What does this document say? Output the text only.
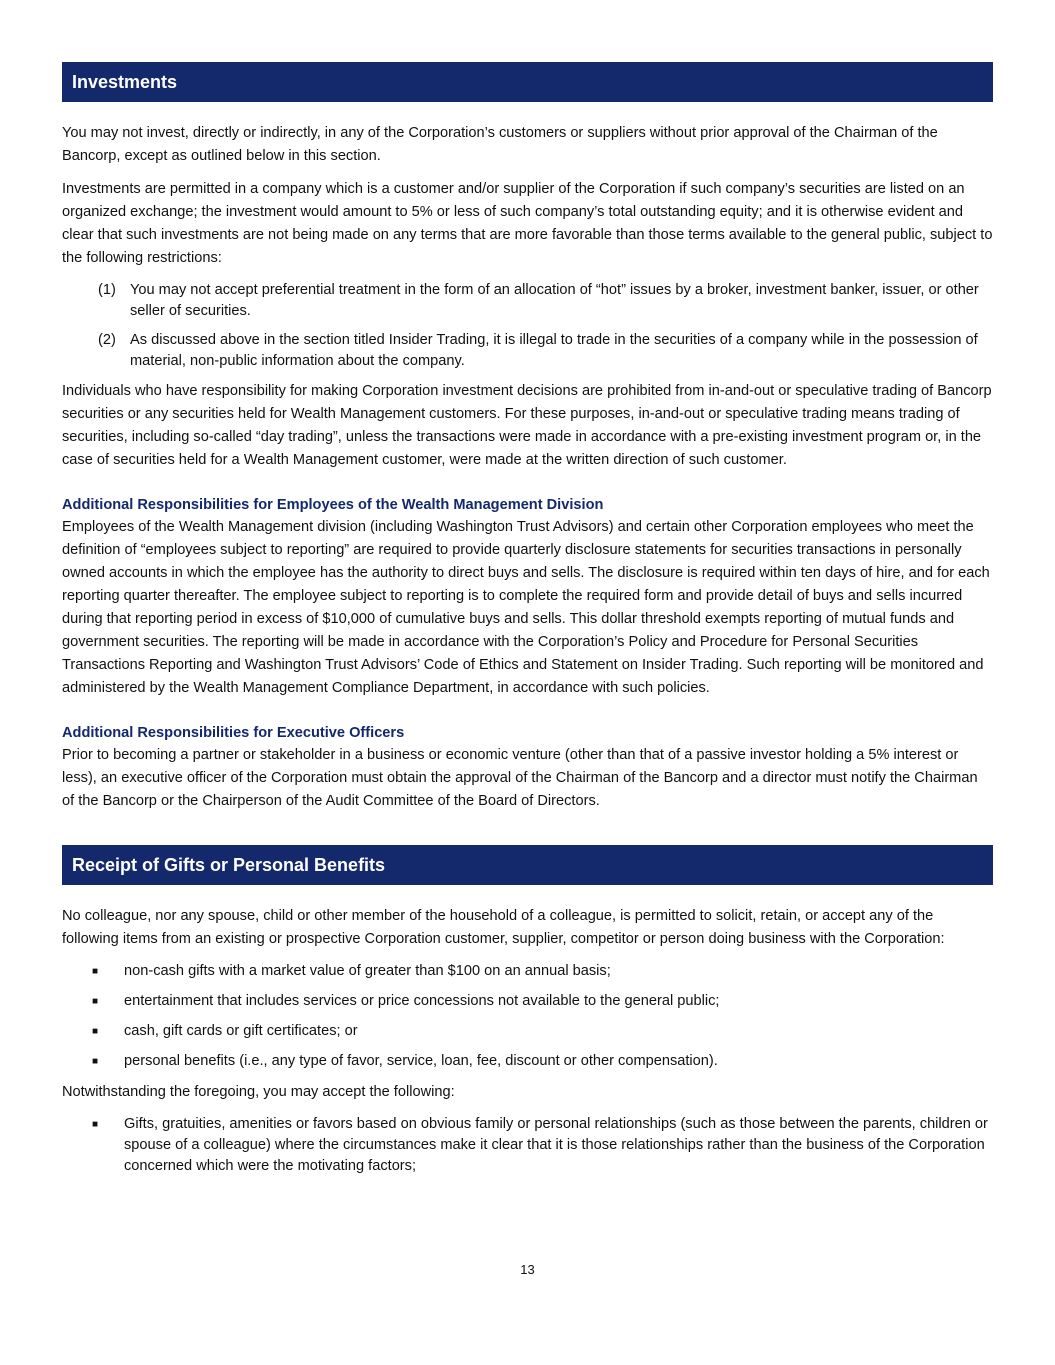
Investments

You may not invest, directly or indirectly, in any of the Corporation’s customers or suppliers without prior approval of the Chairman of the Bancorp, except as outlined below in this section.

Investments are permitted in a company which is a customer and/or supplier of the Corporation if such company’s securities are listed on an organized exchange; the investment would amount to 5% or less of such company’s total outstanding equity; and it is otherwise evident and clear that such investments are not being made on any terms that are more favorable than those terms available to the general public, subject to the following restrictions:

(1) You may not accept preferential treatment in the form of an allocation of “hot” issues by a broker, investment banker, issuer, or other seller of securities.
(2) As discussed above in the section titled Insider Trading, it is illegal to trade in the securities of a company while in the possession of material, non-public information about the company.

Individuals who have responsibility for making Corporation investment decisions are prohibited from in-and-out or speculative trading of Bancorp securities or any securities held for Wealth Management customers. For these purposes, in-and-out or speculative trading means trading of securities, including so-called “day trading”, unless the transactions were made in accordance with a pre-existing investment program or, in the case of securities held for a Wealth Management customer, were made at the written direction of such customer.

Additional Responsibilities for Employees of the Wealth Management Division

Employees of the Wealth Management division (including Washington Trust Advisors) and certain other Corporation employees who meet the definition of “employees subject to reporting” are required to provide quarterly disclosure statements for securities transactions in personally owned accounts in which the employee has the authority to direct buys and sells. The disclosure is required within ten days of hire, and for each reporting quarter thereafter. The employee subject to reporting is to complete the required form and provide detail of buys and sells incurred during that reporting period in excess of $10,000 of cumulative buys and sells. This dollar threshold exempts reporting of mutual funds and government securities. The reporting will be made in accordance with the Corporation’s Policy and Procedure for Personal Securities Transactions Reporting and Washington Trust Advisors’ Code of Ethics and Statement on Insider Trading. Such reporting will be monitored and administered by the Wealth Management Compliance Department, in accordance with such policies.

Additional Responsibilities for Executive Officers

Prior to becoming a partner or stakeholder in a business or economic venture (other than that of a passive investor holding a 5% interest or less), an executive officer of the Corporation must obtain the approval of the Chairman of the Bancorp and a director must notify the Chairman of the Bancorp or the Chairperson of the Audit Committee of the Board of Directors.

Receipt of Gifts or Personal Benefits

No colleague, nor any spouse, child or other member of the household of a colleague, is permitted to solicit, retain, or accept any of the following items from an existing or prospective Corporation customer, supplier, competitor or person doing business with the Corporation:

■	non-cash gifts with a market value of greater than $100 on an annual basis;
■	entertainment that includes services or price concessions not available to the general public;
■	cash, gift cards or gift certificates; or
■	personal benefits (i.e., any type of favor, service, loan, fee, discount or other compensation).

Notwithstanding the foregoing, you may accept the following:

■	Gifts, gratuities, amenities or favors based on obvious family or personal relationships (such as those between the parents, children or spouse of a colleague) where the circumstances make it clear that it is those relationships rather than the business of the Corporation concerned which were the motivating factors;
13
